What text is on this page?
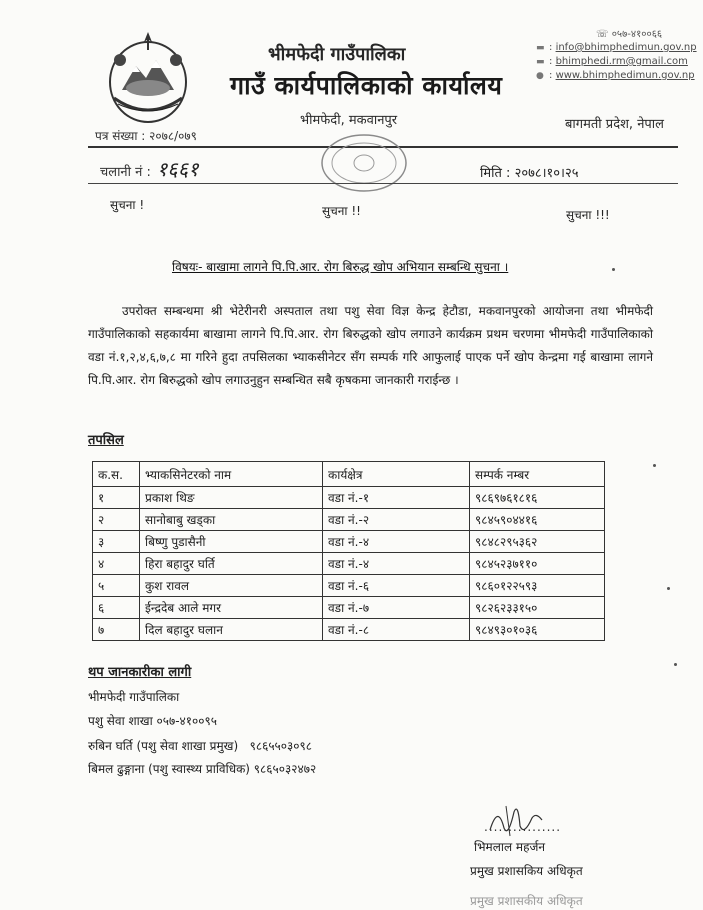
भीमफेदी गाउँपालिका
गाउँ कार्यपालिकाको कार्यालय
भीमफेदी, मकवानपुर
☏ ०५७-४१००६६
▬ : info@bhimphedimun.gov.np
▬ : bhimphedi.rm@gmail.com
● : www.bhimphedimun.gov.np
बागमती प्रदेश, नेपाल
पत्र संख्या : २०७८/०७९
चलानी नं : १६६१	मिति : २०७८।१०।२५
सुचना !	सुचना !!	सुचना !!!
विषयः- बाखामा लागने पि.पि.आर. रोग बिरुद्ध खोप अभियान सम्बन्धि सुचना ।
उपरोक्त सम्बन्धमा श्री भेटेरीनरी अस्पताल तथा पशु सेवा विज्ञ केन्द्र हेटौडा, मकवानपुरको आयोजना तथा भीमफेदी गाउँपालिकाको सहकार्यमा बाखामा लागने पि.पि.आर. रोग बिरुद्धको खोप लगाउने कार्यक्रम प्रथम चरणमा भीमफेदी गाउँपालिकाको वडा नं.१,२,४,६,७,८ मा गरिने हुदा तपसिलका भ्याकसीनेटर सँग सम्पर्क गरि आफुलाई पाएक पर्ने खोप केन्द्रमा गई बाखामा लागने पि.पि.आर. रोग बिरुद्धको खोप लगाउनुहुन सम्बन्धित सबै कृषकमा जानकारी गराईन्छ ।
तपसिल
क.स.	भ्याकसिनेटरको नाम	कार्यक्षेत्र	सम्पर्क नम्बर
१	प्रकाश थिङ	वडा नं.-१	९८६९७६१८१६
२	सानोबाबु खड्का	वडा नं.-२	९८४५९०४४१६
३	बिष्णु पुडासैनी	वडा नं.-४	९८४८२९५३६२
४	हिरा बहादुर घर्ति	वडा नं.-४	९८४५२३७११०
५	कुश रावल	वडा नं.-६	९८६०१२२५९३
६	ईन्द्रदेब आले मगर	वडा नं.-७	९८२६२३३१५०
७	दिल बहादुर घलान	वडा नं.-८	९८४९३०१०३६
थप जानकारीका लागी
भीमफेदी गाउँपालिका
पशु सेवा शाखा ०५७-४१००९५
रुबिन घर्ति (पशु सेवा शाखा प्रमुख)   ९८६५५०३०९८
बिमल ढुङ्गाना (पशु स्वास्थ्य प्राविधिक) ९८६५०३२४७२
................
भिमलाल महर्जन
प्रमुख प्रशासकिय अधिकृत
प्रमुख प्रशासकीय अधिकृत
